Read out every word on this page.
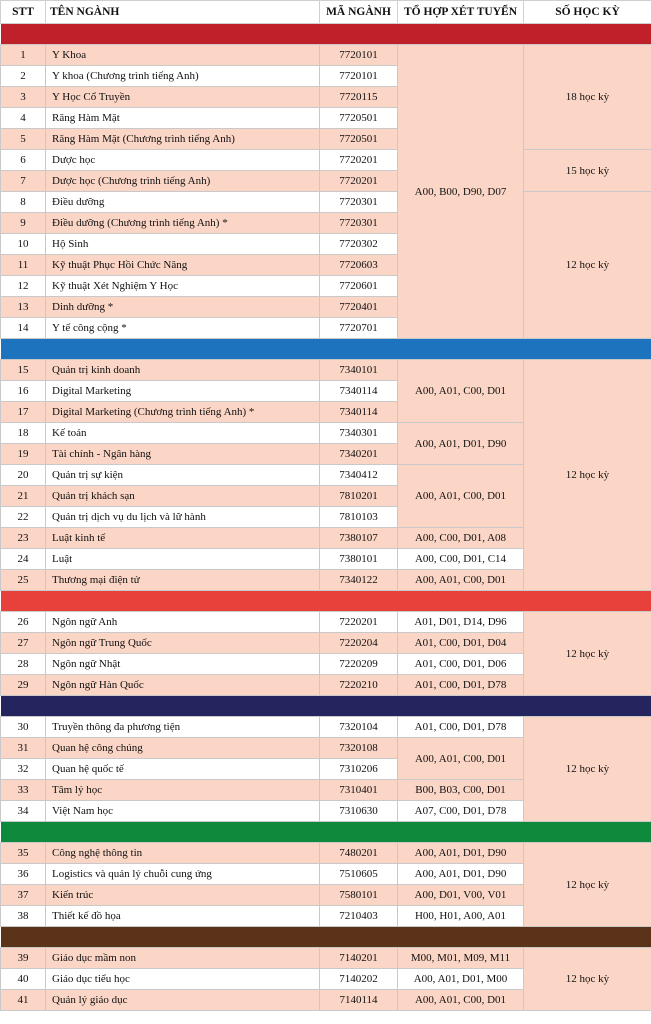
STT	TÊN NGÀNH	MÃ NGÀNH	TỔ HỢP XÉT TUYỂN	SỐ HỌC KỲ

1	Y Khoa	7720101	A00, B00, D90, D07	18 học kỳ
2	Y khoa (Chương trình tiếng Anh)	7720101		
3	Y Học Cổ Truyền	7720115		
4	Răng Hàm Mặt	7720501		
5	Răng Hàm Mặt (Chương trình tiếng Anh)	7720501		
6	Dược học	7720201		15 học kỳ
7	Dược học (Chương trình tiếng Anh)	7720201		
8	Điều dưỡng	7720301		12 học kỳ
9	Điều dưỡng (Chương trình tiếng Anh) *	7720301		
10	Hộ Sinh	7720302		
11	Kỹ thuật Phục Hồi Chức Năng	7720603		
12	Kỹ thuật Xét Nghiệm Y Học	7720601		
13	Dinh dưỡng *	7720401		
14	Y tế công cộng *	7720701		

15	Quản trị kinh doanh	7340101	A00, A01, C00, D01	12 học kỳ
16	Digital Marketing	7340114		
17	Digital Marketing (Chương trình tiếng Anh) *	7340114		
18	Kế toán	7340301	A00, A01, D01, D90	
19	Tài chính - Ngân hàng	7340201		
20	Quản trị sự kiện	7340412	A00, A01, C00, D01	
21	Quản trị khách sạn	7810201		
22	Quản trị dịch vụ du lịch và lữ hành	7810103		
23	Luật kinh tế	7380107	A00, C00, D01, A08	
24	Luật	7380101	A00, C00, D01, C14	
25	Thương mại điện tử	7340122	A00, A01, C00, D01	

26	Ngôn ngữ Anh	7220201	A01, D01, D14, D96	12 học kỳ
27	Ngôn ngữ Trung Quốc	7220204	A01, C00, D01, D04	
28	Ngôn ngữ Nhật	7220209	A01, C00, D01, D06	
29	Ngôn ngữ Hàn Quốc	7220210	A01, C00, D01, D78	

30	Truyền thông đa phương tiện	7320104	A01, C00, D01, D78	12 học kỳ
31	Quan hệ công chúng	7320108	A00, A01, C00, D01	
32	Quan hệ quốc tế	7310206		
33	Tâm lý học	7310401	B00, B03, C00, D01	
34	Việt Nam học	7310630	A07, C00, D01, D78	

35	Công nghệ thông tin	7480201	A00, A01, D01, D90	12 học kỳ
36	Logistics và quản lý chuỗi cung ứng	7510605	A00, A01, D01, D90	
37	Kiến trúc	7580101	A00, D01, V00, V01	
38	Thiết kế đồ họa	7210403	H00, H01, A00, A01	

39	Giáo dục mầm non	7140201	M00, M01, M09, M11	12 học kỳ
40	Giáo dục tiểu học	7140202	A00, A01, D01, M00	
41	Quản lý giáo dục	7140114	A00, A01, C00, D01	
